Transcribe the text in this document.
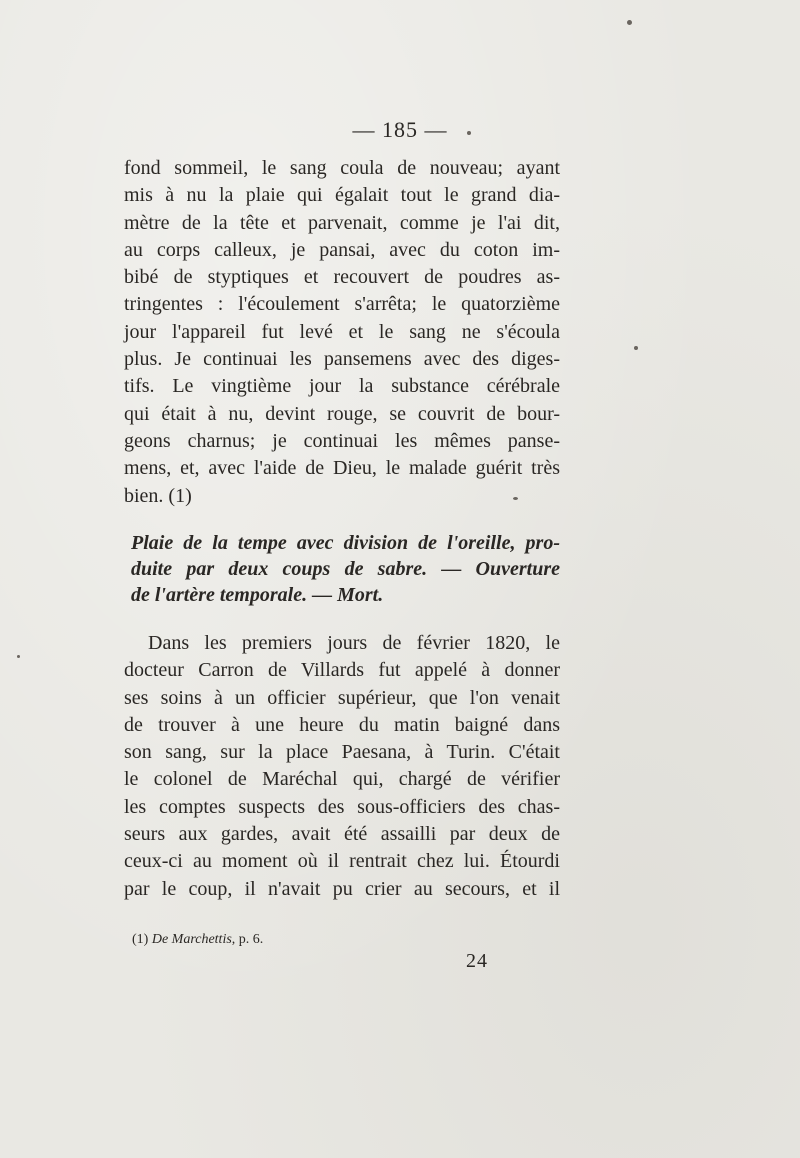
— 185 —
fond sommeil, le sang coula de nouveau; ayant
mis à nu la plaie qui égalait tout le grand dia-
mètre de la tête et parvenait, comme je l'ai dit,
au corps calleux, je pansai, avec du coton im-
bibé de styptiques et recouvert de poudres as-
tringentes : l'écoulement s'arrêta; le quatorzième
jour l'appareil fut levé et le sang ne s'écoula
plus. Je continuai les pansemens avec des diges-
tifs. Le vingtième jour la substance cérébrale
qui était à nu, devint rouge, se couvrit de bour-
geons charnus; je continuai les mêmes panse-
mens, et, avec l'aide de Dieu, le malade guérit très
bien. (1)
Plaie de la tempe avec division de l'oreille, pro-
duite par deux coups de sabre. — Ouverture
de l'artère temporale. — Mort.
Dans les premiers jours de février 1820, le
docteur Carron de Villards fut appelé à donner
ses soins à un officier supérieur, que l'on venait
de trouver à une heure du matin baigné dans
son sang, sur la place Paesana, à Turin. C'était
le colonel de Maréchal qui, chargé de vérifier
les comptes suspects des sous-officiers des chas-
seurs aux gardes, avait été assailli par deux de
ceux-ci au moment où il rentrait chez lui. Étourdi
par le coup, il n'avait pu crier au secours, et il
(1) De Marchettis, p. 6.
24
